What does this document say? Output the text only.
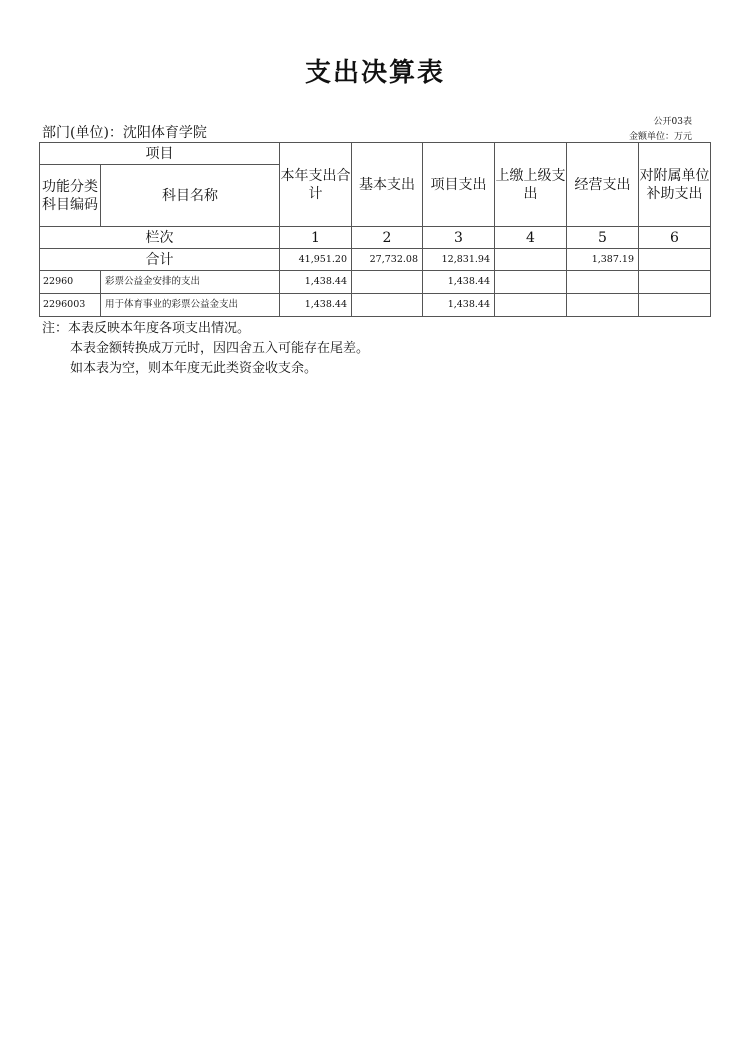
支出决算表
公开03表
金额单位：万元
部门(单位)：沈阳体育学院
项目		本年支出合计	基本支出	项目支出	上缴上级支出	经营支出	对附属单位补助支出
功能分类科目编码	科目名称						
栏次		1	2	3	4	5	6
合计		41,951.20	27,732.08	12,831.94		1,387.19	
22960	彩票公益金安排的支出	1,438.44		1,438.44			
2296003	用于体育事业的彩票公益金支出	1,438.44		1,438.44			
注：本表反映本年度各项支出情况。
本表金额转换成万元时，因四舍五入可能存在尾差。
如本表为空，则本年度无此类资金收支余。
